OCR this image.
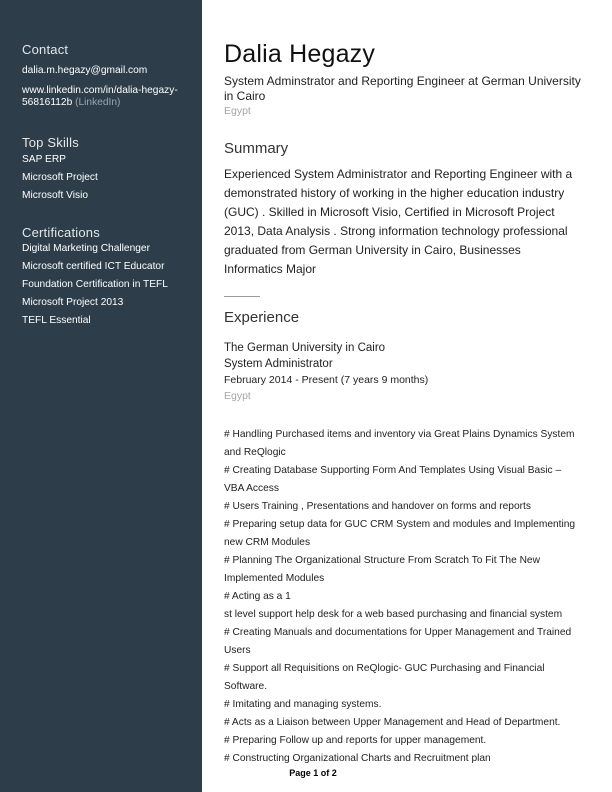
Contact
dalia.m.hegazy@gmail.com
www.linkedin.com/in/dalia-hegazy-56816112b (LinkedIn)
Top Skills
SAP ERP
Microsoft Project
Microsoft Visio
Certifications
Digital Marketing Challenger
Microsoft certified ICT Educator
Foundation Certification in TEFL
Microsoft Project 2013
TEFL Essential
Dalia Hegazy
System Adminstrator and Reporting Engineer at German University in Cairo
Egypt
Summary
Experienced System Administrator and Reporting Engineer with a demonstrated history of working in the higher education industry (GUC) . Skilled in Microsoft Visio, Certified in Microsoft Project 2013, Data Analysis . Strong information technology professional graduated from German University in Cairo, Businesses Informatics Major
Experience
The German University in Cairo
System Administrator
February 2014 - Present (7 years 9 months)
Egypt
# Handling Purchased items and inventory via Great Plains Dynamics System
and ReQlogic
# Creating Database Supporting Form And Templates Using Visual Basic –
VBA Access
# Users Training , Presentations and handover on forms and reports
# Preparing setup data for GUC CRM System and modules and Implementing
new CRM Modules
# Planning The Organizational Structure From Scratch To Fit The New
Implemented Modules
# Acting as a 1
st level support help desk for a web based purchasing and financial system
# Creating Manuals and documentations for Upper Management and Trained
Users
# Support all Requisitions on ReQlogic- GUC Purchasing and Financial
Software.
# Imitating and managing systems.
# Acts as a Liaison between Upper Management and Head of Department.
# Preparing Follow up and reports for upper management.
# Constructing Organizational Charts and Recruitment plan
Page 1 of 2
